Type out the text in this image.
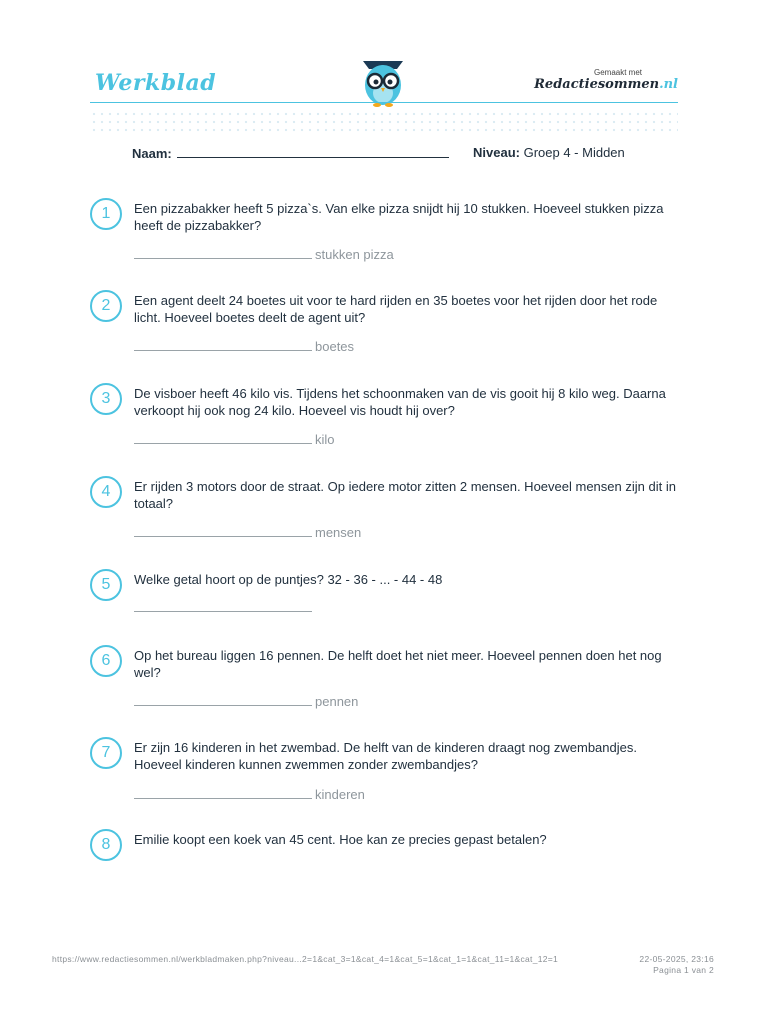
Werkblad	Gemaakt met
Redactiesommen.nl
Naam:	Niveau: Groep 4 - Midden
1	Een pizzabakker heeft 5 pizza`s. Van elke pizza snijdt hij 10 stukken. Hoeveel stukken pizza heeft de pizzabakker?
stukken pizza
2	Een agent deelt 24 boetes uit voor te hard rijden en 35 boetes voor het rijden door het rode licht. Hoeveel boetes deelt de agent uit?
boetes
3	De visboer heeft 46 kilo vis. Tijdens het schoonmaken van de vis gooit hij 8 kilo weg. Daarna verkoopt hij ook nog 24 kilo. Hoeveel vis houdt hij over?
kilo
4	Er rijden 3 motors door de straat. Op iedere motor zitten 2 mensen. Hoeveel mensen zijn dit in totaal?
mensen
5	Welke getal hoort op de puntjes? 32 - 36 - ... - 44 - 48
6	Op het bureau liggen 16 pennen. De helft doet het niet meer. Hoeveel pennen doen het nog wel?
pennen
7	Er zijn 16 kinderen in het zwembad. De helft van de kinderen draagt nog zwembandjes. Hoeveel kinderen kunnen zwemmen zonder zwembandjes?
kinderen
8	Emilie koopt een koek van 45 cent. Hoe kan ze precies gepast betalen?
https://www.redactiesommen.nl/werkbladmaken.php?niveau...2=1&cat_3=1&cat_4=1&cat_5=1&cat_1=1&cat_11=1&cat_12=1	22-05-2025, 23:16
Pagina 1 van 2
